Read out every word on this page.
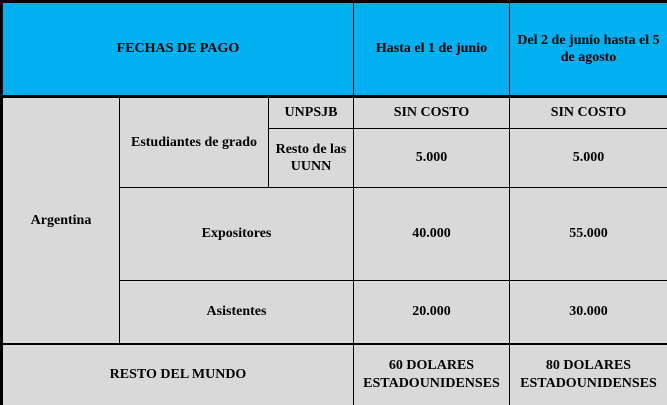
FECHAS DE PAGO			Hasta el 1 de junio	Del 2 de junio hasta el 5 de agosto
Argentina	Estudiantes de grado	UNPSJB	SIN COSTO	SIN COSTO
		Resto de las UUNN	5.000	5.000
	Expositores		40.000	55.000
	Asistentes		20.000	30.000
RESTO DEL MUNDO			60 DOLARES ESTADOUNIDENSES	80 DOLARES ESTADOUNIDENSES
